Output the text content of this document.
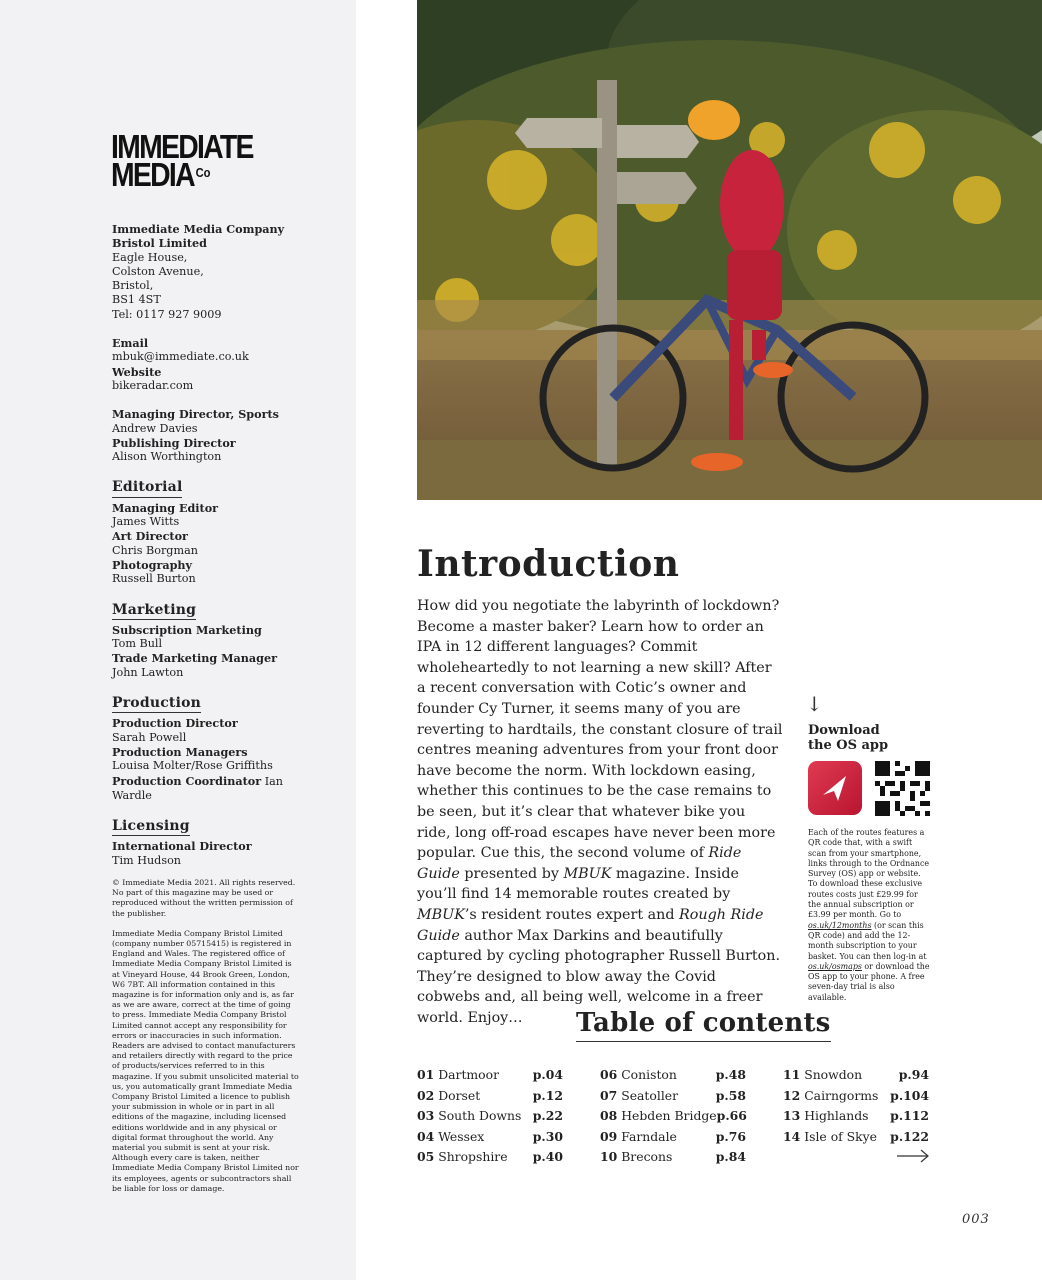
IMMEDIATE
MEDIA $^{Co}$
Immediate Media Company Bristol Limited
Eagle House,
Colston Avenue,
Bristol,
BS1 4ST
Tel: 0117 927 9009
Email
mbuk@immediate.co.uk
Website
bikeradar.com
Managing Director, Sports
Andrew Davies
Publishing Director
Alison Worthington
Editorial
Managing Editor
James Witts
Art Director
Chris Borgman
Photography
Russell Burton
Marketing
Subscription Marketing
Tom Bull
Trade Marketing Manager
John Lawton
Production
Production Director
Sarah Powell
Production Managers
Louisa Molter/Rose Griffiths
Production Coordinator Ian Wardle
Licensing
International Director
Tim Hudson
© Immediate Media 2021. All rights reserved. No part of this magazine may be used or reproduced without the written permission of the publisher.
Immediate Media Company Bristol Limited (company number 05715415) is registered in England and Wales. The registered office of Immediate Media Company Bristol Limited is at Vineyard House, 44 Brook Green, London, W6 7BT. All information contained in this magazine is for information only and is, as far as we are aware, correct at the time of going to press. Immediate Media Company Bristol Limited cannot accept any responsibility for errors or inaccuracies in such information. Readers are advised to contact manufacturers and retailers directly with regard to the price of products/services referred to in this magazine. If you submit unsolicited material to us, you automatically grant Immediate Media Company Bristol Limited a licence to publish your submission in whole or in part in all editions of the magazine, including licensed editions worldwide and in any physical or digital format throughout the world. Any material you submit is sent at your risk. Although every care is taken, neither Immediate Media Company Bristol Limited nor its employees, agents or subcontractors shall be liable for loss or damage.
Introduction
How did you negotiate the labyrinth of lockdown? Become a master baker? Learn how to order an IPA in 12 different languages? Commit wholeheartedly to not learning a new skill? After a recent conversation with Cotic’s owner and founder Cy Turner, it seems many of you are reverting to hardtails, the constant closure of trail centres meaning adventures from your front door have become the norm. With lockdown easing, whether this continues to be the case remains to be seen, but it’s clear that whatever bike you ride, long off-road escapes have never been more popular. Cue this, the second volume of Ride Guide presented by MBUK magazine. Inside you’ll find 14 memorable routes created by MBUK’s resident routes expert and Rough Ride Guide author Max Darkins and beautifully captured by cycling photographer Russell Burton. They’re designed to blow away the Covid cobwebs and, all being well, welcome in a freer world. Enjoy…
↓
Download
the OS app
Each of the routes features a QR code that, with a swift scan from your smartphone, links through to the Ordnance Survey (OS) app or website. To download these exclusive routes costs just £29.99 for the annual subscription or £3.99 per month. Go to os.uk/12months (or scan this QR code) and add the 12-month subscription to your basket. You can then log-in at os.uk/osmaps or download the OS app to your phone. A free seven-day trial is also available.
Table of contents
01 Dartmoor	p.04
02 Dorset	p.12
03 South Downs p.22
04 Wessex	p.30
05 Shropshire p.40
06 Coniston	p.48
07 Seatoller	p.58
08 Hebden Bridge p.66
09 Farndale	p.76
10 Brecons	p.84
11 Snowdon	p.94
12 Cairngorms p.104
13 Highlands p.112
14 Isle of Skye p.122
003
